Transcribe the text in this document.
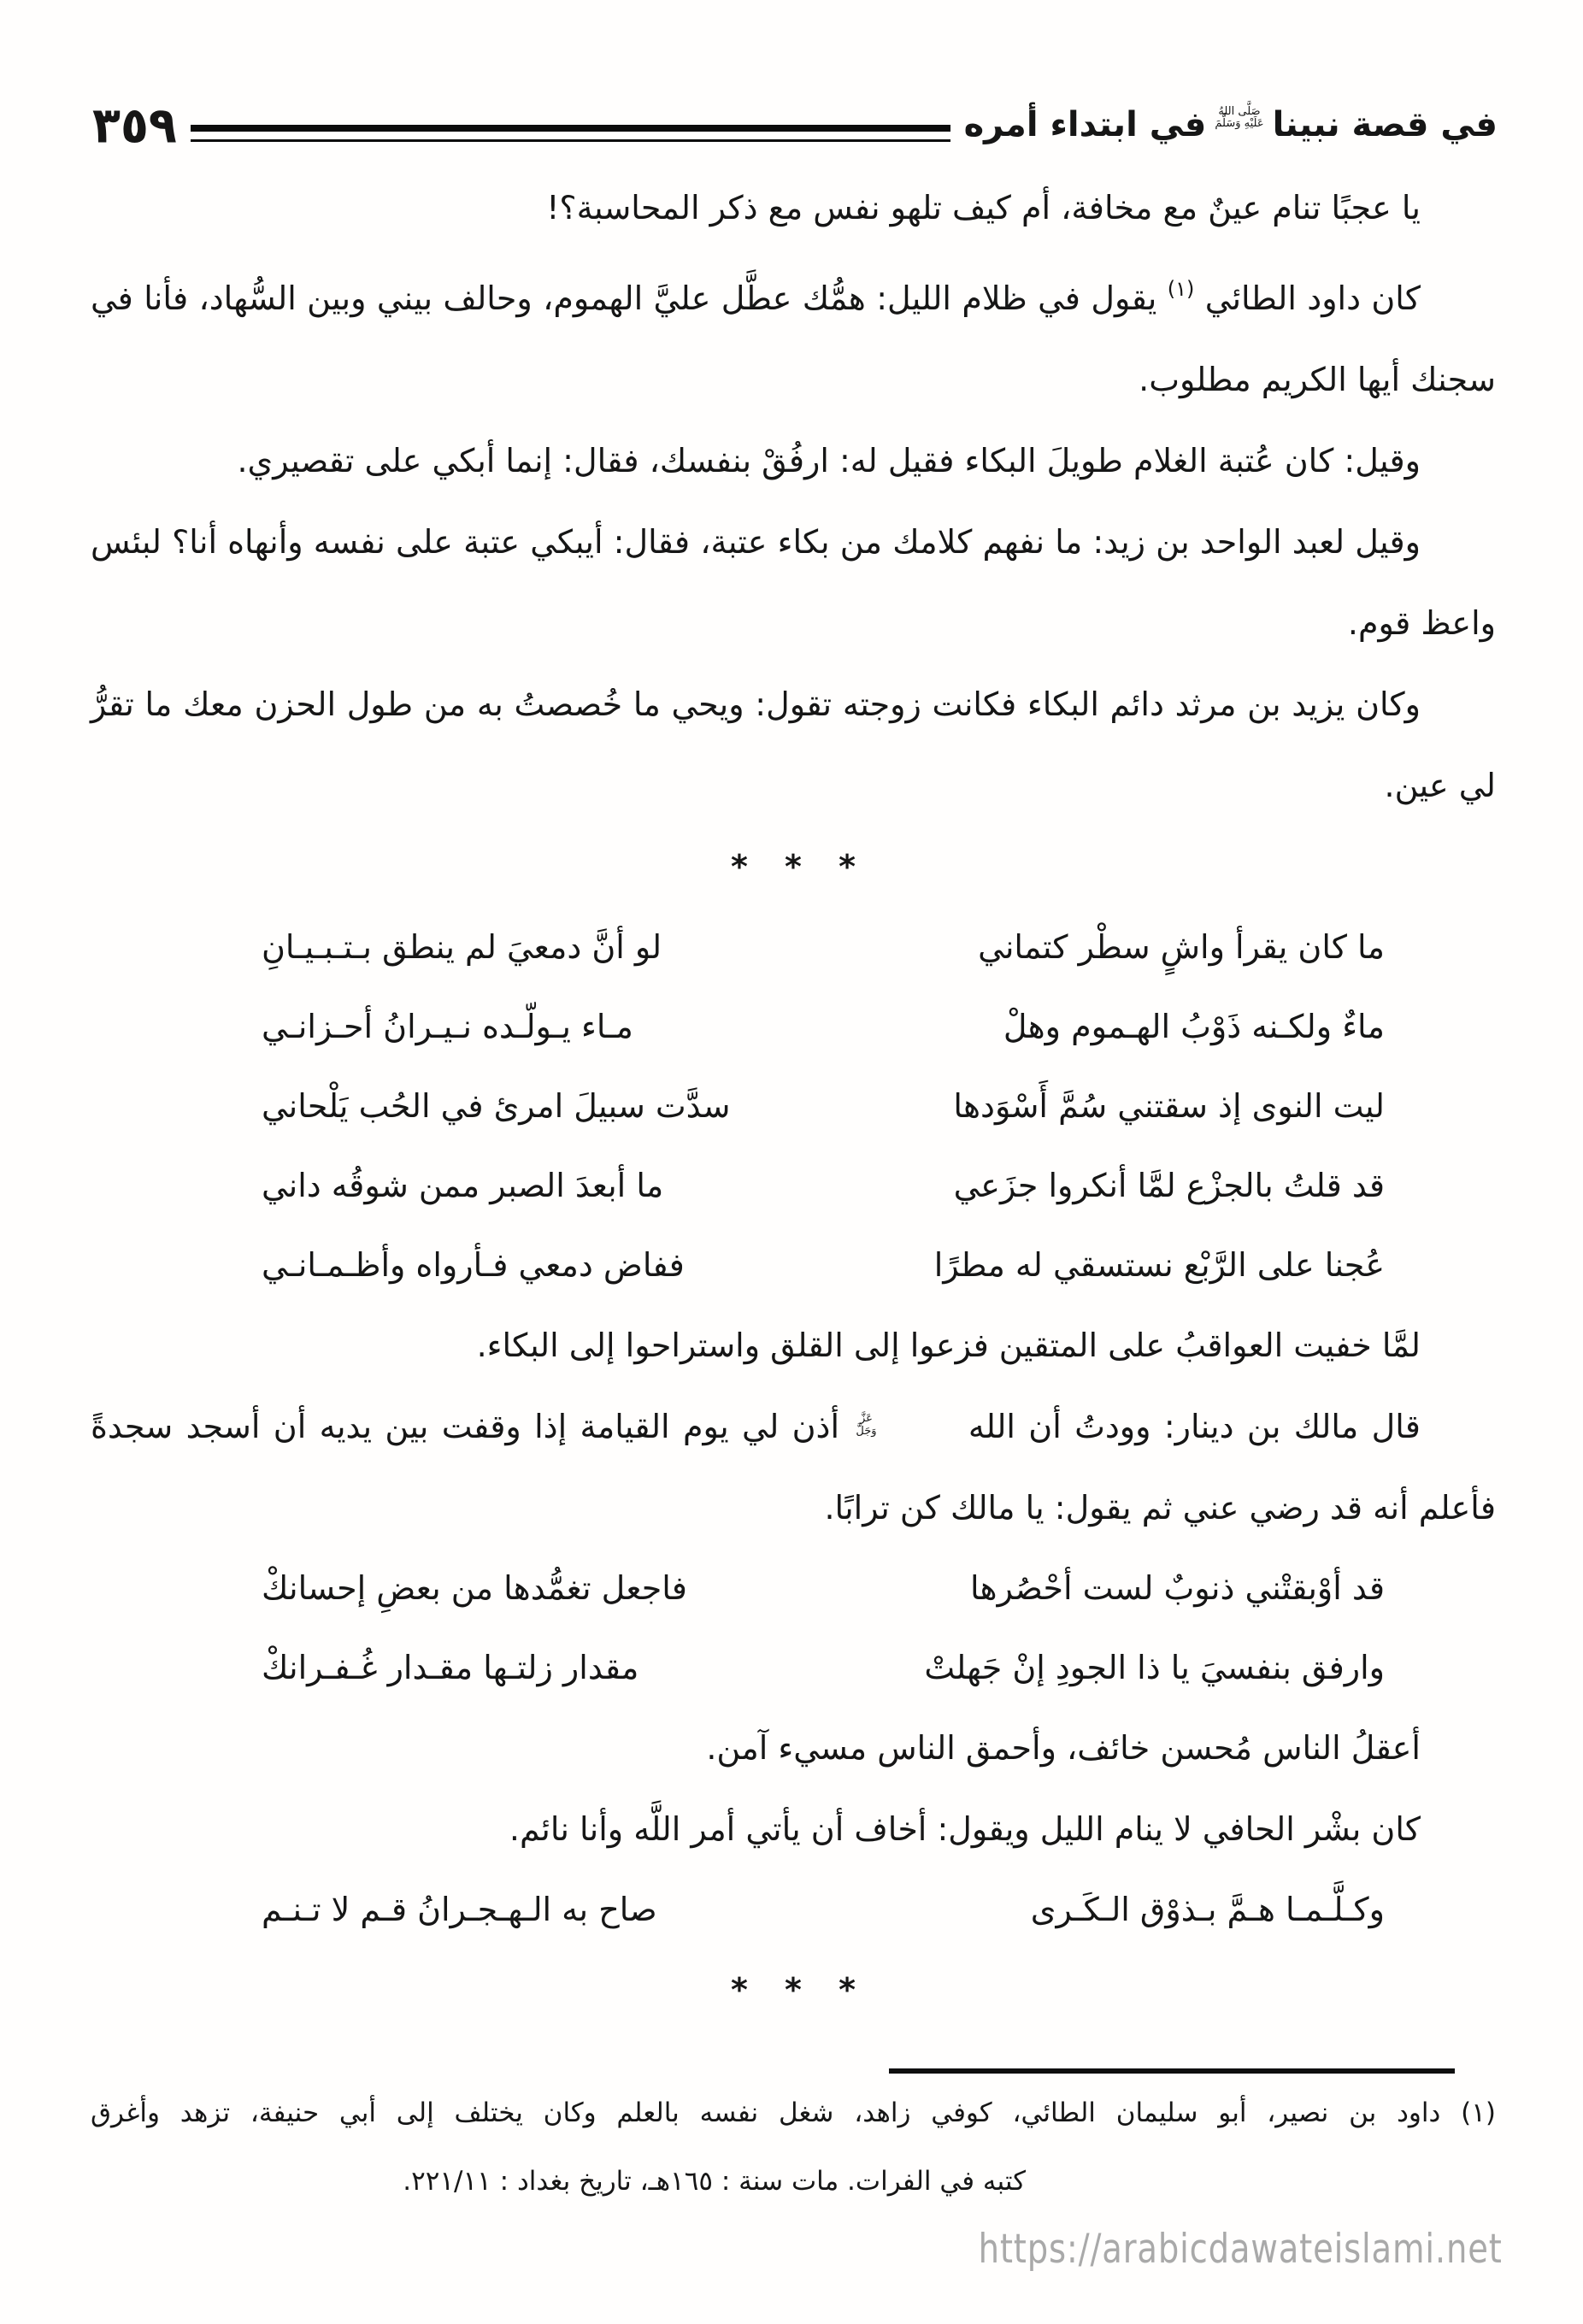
٣٥٩	في قصة نبينا
صَلَّى اللهُ
عَلَيْهِ وَسَلَّمَ
في ابتداء أمره

يا عجبًا تنام عينٌ مع مخافة، أم كيف تلهو نفس مع ذكر المحاسبة؟!

كان داود الطائي $^{(١)}$ يقول في ظلام الليل: همُّك عطَّل عليَّ الهموم، وحالف بيني وبين السُّهاد، فأنا في سجنك أيها الكريم مطلوب.

وقيل: كان عُتبة الغلام طويلَ البكاء فقيل له: ارفُقْ بنفسك، فقال: إنما أبكي على تقصيري.

وقيل لعبد الواحد بن زيد: ما نفهم كلامك من بكاء عتبة، فقال: أيبكي عتبة على نفسه وأنهاه أنا؟ لبئس واعظ قوم.

وكان يزيد بن مرثد دائم البكاء فكانت زوجته تقول: ويحي ما خُصصتُ به من طول الحزن معك ما تقرُّ لي عين.

* * *

ما كان يقرأ واشٍ سطْر كتماني
لو أنَّ دمعيَ لم ينطق بـتـبـيـانِ
ماءٌ ولكـنه ذَوْبُ الهـموم وهلْ
مـاء يـولّـده نـيـرانُ أحـزانـي
ليت النوى إذ سقتني سُمَّ أَسْوَدها
سدَّت سبيلَ امرئ في الحُب يَلْحاني
قد قلتُ بالجزْع لمَّا أنكروا جزَعي
ما أبعدَ الصبر ممن شوقُه داني
عُجنا على الرَّبْع نستسقي له مطرًا
ففاض دمعي فـأرواه وأظـمـانـي

لمَّا خفيت العواقبُ على المتقين فزعوا إلى القلق واستراحوا إلى البكاء.

قال مالك بن دينار: وودتُ أن الله
عَزَّ
وَجَلَّ
أذن لي يوم القيامة إذا وقفت بين يديه أن أسجد سجدةً فأعلم أنه قد رضي عني ثم يقول: يا مالك كن ترابًا.

قد أوْبقتْني ذنوبٌ لست أحْصُرها
فاجعل تغمُّدها من بعضِ إحسانكْ
وارفق بنفسيَ يا ذا الجودِ إنْ جَهلتْ
مقدار زلتـها مقـدار غُـفـرانكْ

أعقلُ الناس مُحسن خائف، وأحمق الناس مسيء آمن.

كان بشْر الحافي لا ينام الليل ويقول: أخاف أن يأتي أمر اللَّه وأنا نائم.

وكـلَّـمـا هـمَّ بـذوْق الـكَـرى
صاح به الـهـجـرانُ قـم لا تـنـم

* * *

(١) داود بن نصير، أبو سليمان الطائي، كوفي زاهد، شغل نفسه بالعلم وكان يختلف إلى أبي حنيفة، تزهد وأغرق

كتبه في الفرات. مات سنة : ١٦٥هـ، تاريخ بغداد : ٢٢١/١١.

https://arabicdawateislami.net
